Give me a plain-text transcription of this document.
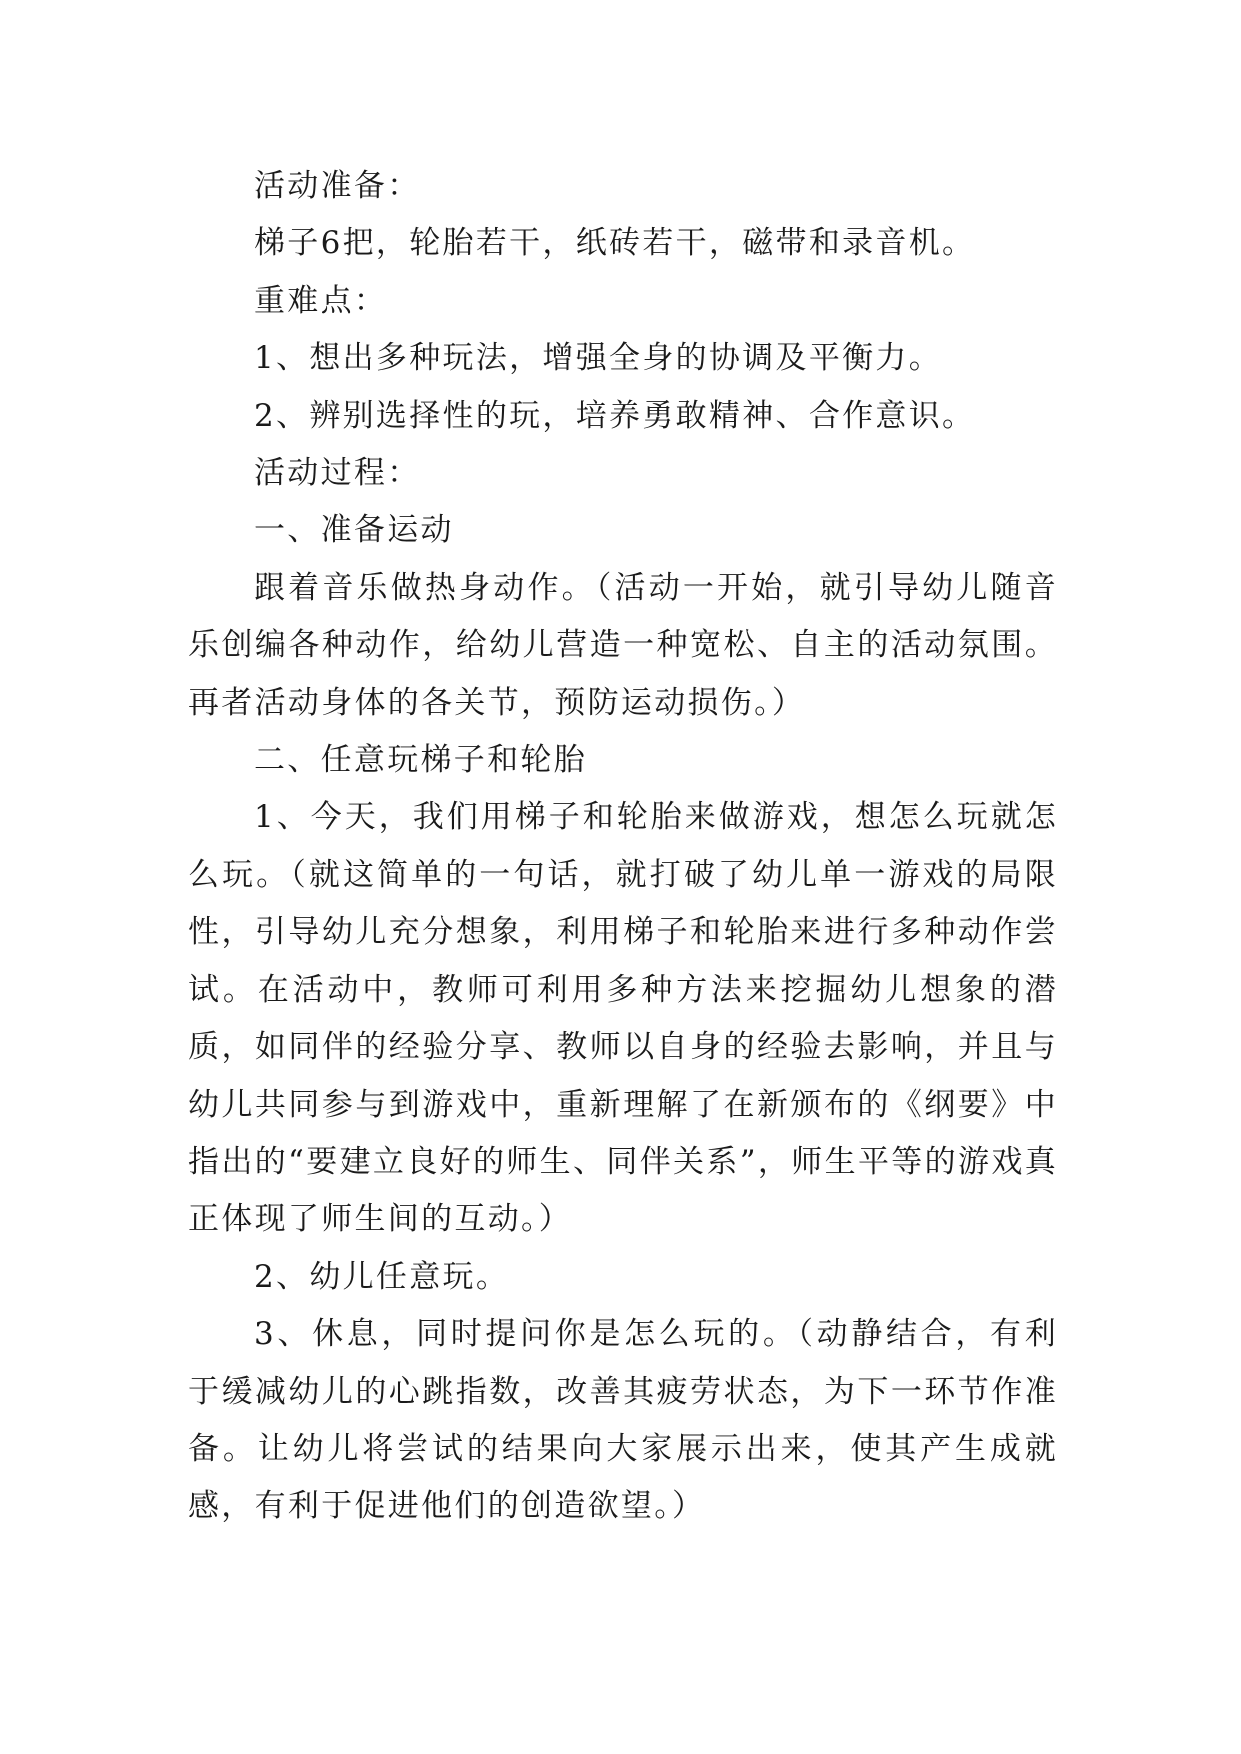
活动准备：

梯子6把，轮胎若干，纸砖若干，磁带和录音机。

重难点：

1、想出多种玩法，增强全身的协调及平衡力。

2、辨别选择性的玩，培养勇敢精神、合作意识。

活动过程：

一、准备运动

跟着音乐做热身动作。（活动一开始，就引导幼儿随音乐创编各种动作，给幼儿营造一种宽松、自主的活动氛围。再者活动身体的各关节，预防运动损伤。）

二、任意玩梯子和轮胎

1、今天，我们用梯子和轮胎来做游戏，想怎么玩就怎么玩。（就这简单的一句话，就打破了幼儿单一游戏的局限性，引导幼儿充分想象，利用梯子和轮胎来进行多种动作尝试。在活动中，教师可利用多种方法来挖掘幼儿想象的潜质，如同伴的经验分享、教师以自身的经验去影响，并且与幼儿共同参与到游戏中，重新理解了在新颁布的《纲要》中指出的“要建立良好的师生、同伴关系”，师生平等的游戏真正体现了师生间的互动。）

2、幼儿任意玩。

3、休息，同时提问你是怎么玩的。（动静结合，有利于缓减幼儿的心跳指数，改善其疲劳状态，为下一环节作准备。让幼儿将尝试的结果向大家展示出来，使其产生成就感，有利于促进他们的创造欲望。）
